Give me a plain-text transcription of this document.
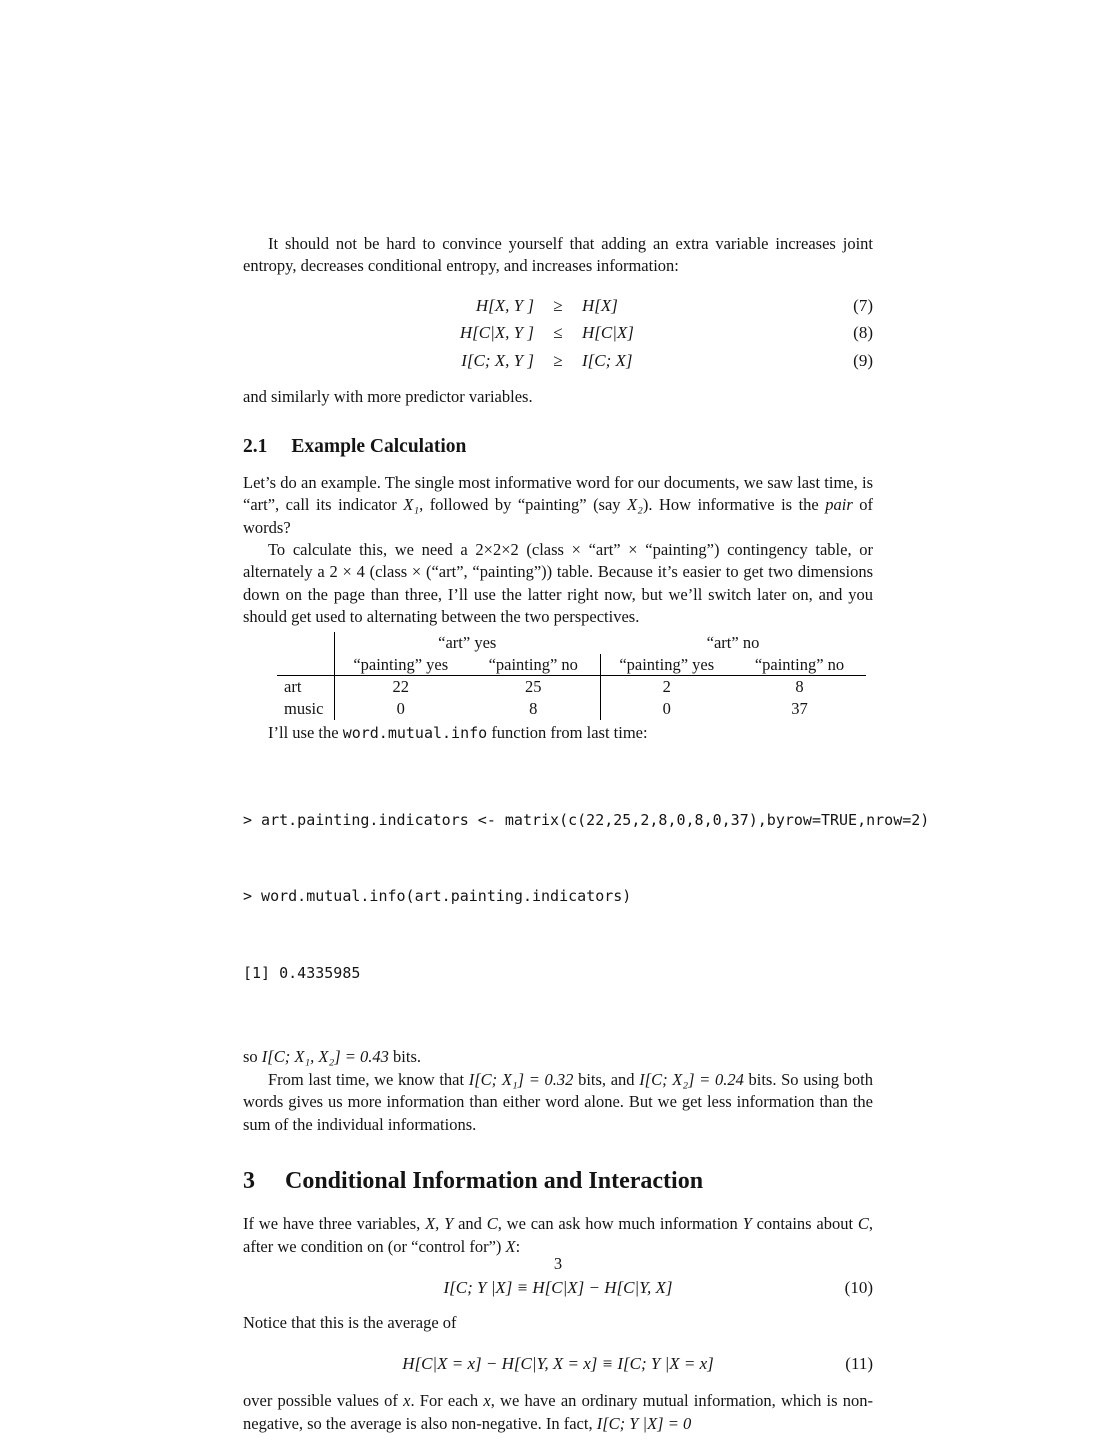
It should not be hard to convince yourself that adding an extra variable increases joint entropy, decreases conditional entropy, and increases information:

H[X, Y ] ≥ H[X]	(7)
H[C|X, Y ] ≤ H[C|X]	(8)
I[C; X, Y ] ≥ I[C; X]	(9)

and similarly with more predictor variables.

2.1 Example Calculation

Let’s do an example. The single most informative word for our documents, we saw last time, is “art”, call its indicator X₁, followed by “painting” (say X₂). How informative is the pair of words?

To calculate this, we need a 2×2×2 (class × “art” × “painting”) contingency table, or alternately a 2 × 4 (class × (“art”, “painting”)) table. Because it’s easier to get two dimensions down on the page than three, I’ll use the latter right now, but we’ll switch later on, and you should get used to alternating between the two perspectives.

	“art” yes		“art” no	
	“painting” yes	“painting” no	“painting” yes	“painting” no
art	22	25	2	8
music	0	8	0	37

I’ll use the word.mutual.info function from last time:

> art.painting.indicators <- matrix(c(22,25,2,8,0,8,0,37),byrow=TRUE,nrow=2)

> word.mutual.info(art.painting.indicators)

[1] 0.4335985

so I[C; X₁, X₂] = 0.43 bits.

From last time, we know that I[C; X₁] = 0.32 bits, and I[C; X₂] = 0.24 bits. So using both words gives us more information than either word alone. But we get less information than the sum of the individual informations.

3 Conditional Information and Interaction

If we have three variables, X, Y and C, we can ask how much information Y contains about C, after we condition on (or “control for”) X:

I[C; Y |X] ≡ H[C|X] − H[C|Y, X]	(10)

Notice that this is the average of

H[C|X = x] − H[C|Y, X = x] ≡ I[C; Y |X = x]	(11)

over possible values of x. For each x, we have an ordinary mutual information, which is non-negative, so the average is also non-negative. In fact, I[C; Y |X] = 0

3
